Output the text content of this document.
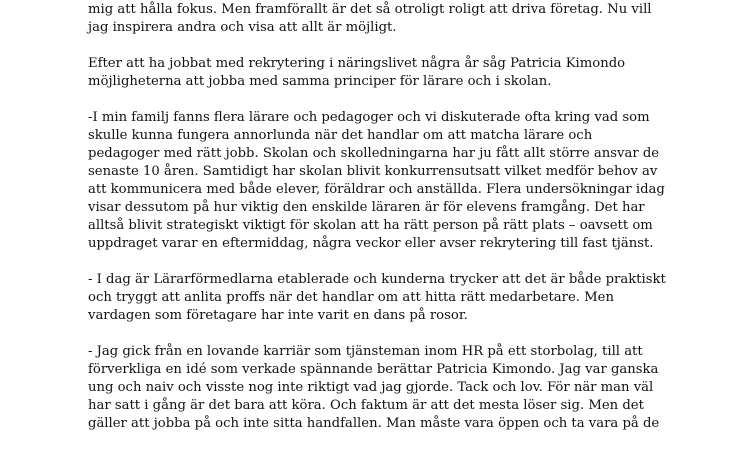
mig att hålla fokus. Men framförallt är det så otroligt roligt att driva företag. Nu vill
jag inspirera andra och visa att allt är möjligt.
Efter att ha jobbat med rekrytering i näringslivet några år såg Patricia Kimondo
möjligheterna att jobba med samma principer för lärare och i skolan.
-I min familj fanns flera lärare och pedagoger och vi diskuterade ofta kring vad som
skulle kunna fungera annorlunda när det handlar om att matcha lärare och
pedagoger med rätt jobb. Skolan och skolledningarna har ju fått allt större ansvar de
senaste 10 åren. Samtidigt har skolan blivit konkurrensutsatt vilket medför behov av
att kommunicera med både elever, föräldrar och anställda. Flera undersökningar idag
visar dessutom på hur viktig den enskilde läraren är för elevens framgång. Det har
alltså blivit strategiskt viktigt för skolan att ha rätt person på rätt plats – oavsett om
uppdraget varar en eftermiddag, några veckor eller avser rekrytering till fast tjänst.
- I dag är Lärarförmedlarna etablerade och kunderna trycker att det är både praktiskt
och tryggt att anlita proffs när det handlar om att hitta rätt medarbetare. Men
vardagen som företagare har inte varit en dans på rosor.
- Jag gick från en lovande karriär som tjänsteman inom HR på ett storbolag, till att
förverkliga en idé som verkade spännande berättar Patricia Kimondo. Jag var ganska
ung och naiv och visste nog inte riktigt vad jag gjorde. Tack och lov. För när man väl
har satt i gång är det bara att köra. Och faktum är att det mesta löser sig. Men det
gäller att jobba på och inte sitta handfallen. Man måste vara öppen och ta vara på de
